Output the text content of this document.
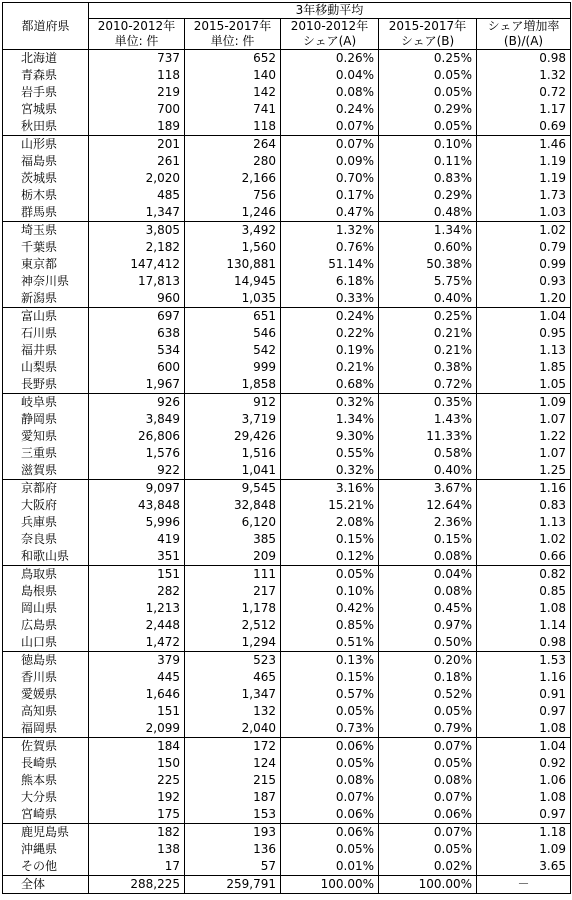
都道府県	3年移動平均				
	2010-2012年	2015-2017年	2010-2012年	2015-2017年	シェア増加率
	単位: 件	単位: 件	シェア(A)	シェア(B)	(B)/(A)
北海道	737	652	0.26%	0.25%	0.98
青森県	118	140	0.04%	0.05%	1.32
岩手県	219	142	0.08%	0.05%	0.72
宮城県	700	741	0.24%	0.29%	1.17
秋田県	189	118	0.07%	0.05%	0.69
山形県	201	264	0.07%	0.10%	1.46
福島県	261	280	0.09%	0.11%	1.19
茨城県	2,020	2,166	0.70%	0.83%	1.19
栃木県	485	756	0.17%	0.29%	1.73
群馬県	1,347	1,246	0.47%	0.48%	1.03
埼玉県	3,805	3,492	1.32%	1.34%	1.02
千葉県	2,182	1,560	0.76%	0.60%	0.79
東京都	147,412	130,881	51.14%	50.38%	0.99
神奈川県	17,813	14,945	6.18%	5.75%	0.93
新潟県	960	1,035	0.33%	0.40%	1.20
富山県	697	651	0.24%	0.25%	1.04
石川県	638	546	0.22%	0.21%	0.95
福井県	534	542	0.19%	0.21%	1.13
山梨県	600	999	0.21%	0.38%	1.85
長野県	1,967	1,858	0.68%	0.72%	1.05
岐阜県	926	912	0.32%	0.35%	1.09
静岡県	3,849	3,719	1.34%	1.43%	1.07
愛知県	26,806	29,426	9.30%	11.33%	1.22
三重県	1,576	1,516	0.55%	0.58%	1.07
滋賀県	922	1,041	0.32%	0.40%	1.25
京都府	9,097	9,545	3.16%	3.67%	1.16
大阪府	43,848	32,848	15.21%	12.64%	0.83
兵庫県	5,996	6,120	2.08%	2.36%	1.13
奈良県	419	385	0.15%	0.15%	1.02
和歌山県	351	209	0.12%	0.08%	0.66
鳥取県	151	111	0.05%	0.04%	0.82
島根県	282	217	0.10%	0.08%	0.85
岡山県	1,213	1,178	0.42%	0.45%	1.08
広島県	2,448	2,512	0.85%	0.97%	1.14
山口県	1,472	1,294	0.51%	0.50%	0.98
徳島県	379	523	0.13%	0.20%	1.53
香川県	445	465	0.15%	0.18%	1.16
愛媛県	1,646	1,347	0.57%	0.52%	0.91
高知県	151	132	0.05%	0.05%	0.97
福岡県	2,099	2,040	0.73%	0.79%	1.08
佐賀県	184	172	0.06%	0.07%	1.04
長崎県	150	124	0.05%	0.05%	0.92
熊本県	225	215	0.08%	0.08%	1.06
大分県	192	187	0.07%	0.07%	1.08
宮崎県	175	153	0.06%	0.06%	0.97
鹿児島県	182	193	0.06%	0.07%	1.18
沖縄県	138	136	0.05%	0.05%	1.09
その他	17	57	0.01%	0.02%	3.65
全体	288,225	259,791	100.00%	100.00%	－
